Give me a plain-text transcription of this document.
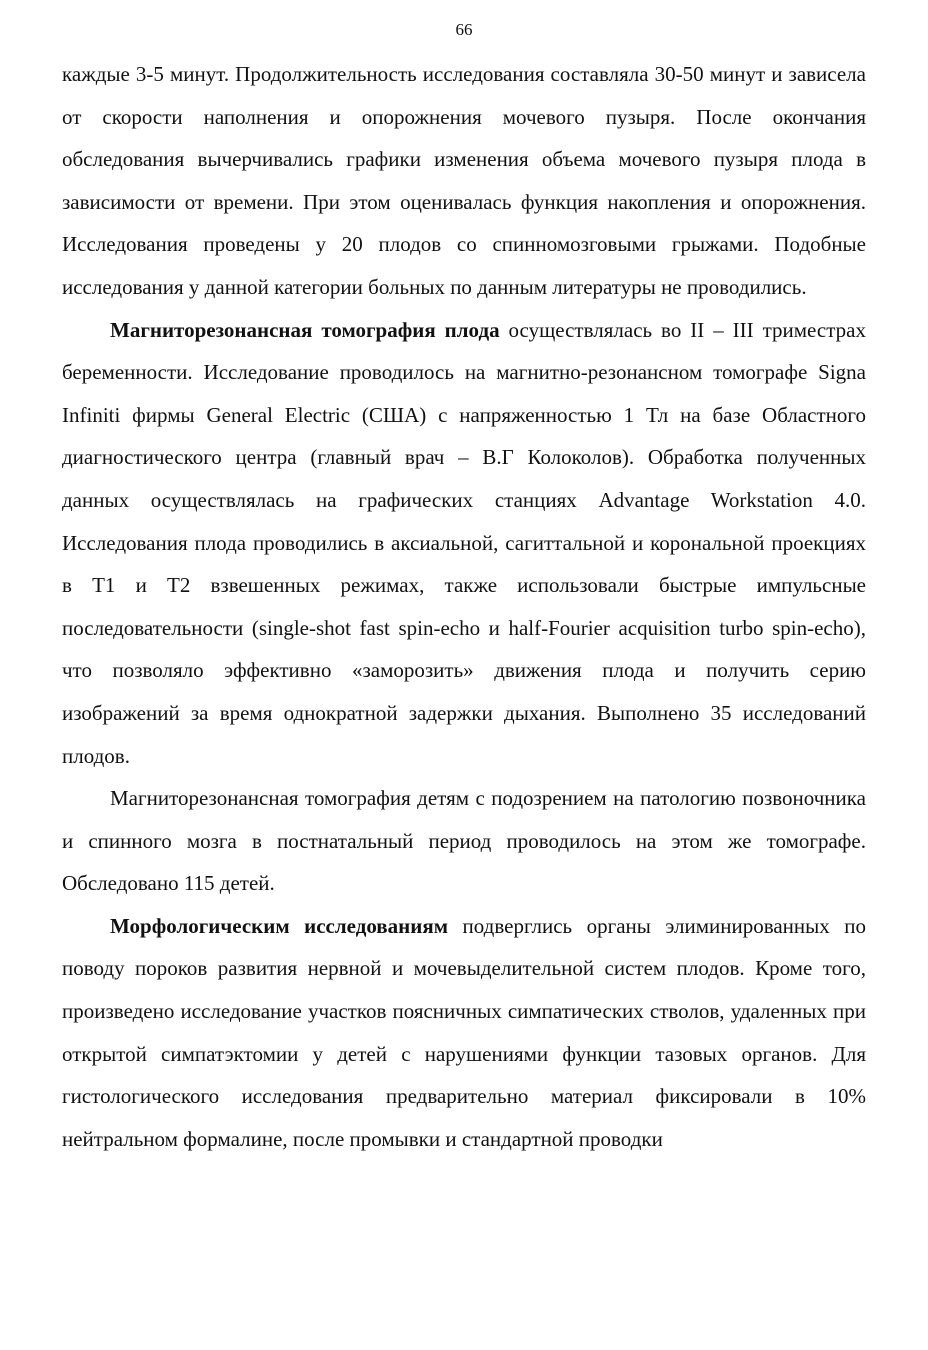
66

каждые 3-5 минут. Продолжительность исследования составляла 30-50 минут и зависела от скорости наполнения и опорожнения мочевого пузыря. После окончания обследования вычерчивались графики изменения объема мочевого пузыря плода в зависимости от времени. При этом оценивалась функция накопления и опорожнения. Исследования проведены у 20 плодов со спинномозговыми грыжами. Подобные исследования у данной категории больных по данным литературы не проводились.

Магниторезонансная томография плода осуществлялась во II – III триместрах беременности. Исследование проводилось на магнитно-резонансном томографе Signa Infiniti фирмы General Electric (США) с напряженностью 1 Тл на базе Областного диагностического центра (главный врач – В.Г Колоколов). Обработка полученных данных осуществлялась на графических станциях Advantage Workstation 4.0. Исследования плода проводились в аксиальной, сагиттальной и корональной проекциях в T1 и T2 взвешенных режимах, также использовали быстрые импульсные последовательности (single-shot fast spin-echo и half-Fourier acquisition turbo spin-echo), что позволяло эффективно «заморозить» движения плода и получить серию изображений за время однократной задержки дыхания. Выполнено 35 исследований плодов.

Магниторезонансная томография детям с подозрением на патологию позвоночника и спинного мозга в постнатальный период проводилось на этом же томографе. Обследовано 115 детей.

Морфологическим исследованиям подверглись органы элиминированных по поводу пороков развития нервной и мочевыделительной систем плодов. Кроме того, произведено исследование участков поясничных симпатических стволов, удаленных при открытой симпатэктомии у детей с нарушениями функции тазовых органов. Для гистологического исследования предварительно материал фиксировали в 10% нейтральном формалине, после промывки и стандартной проводки
